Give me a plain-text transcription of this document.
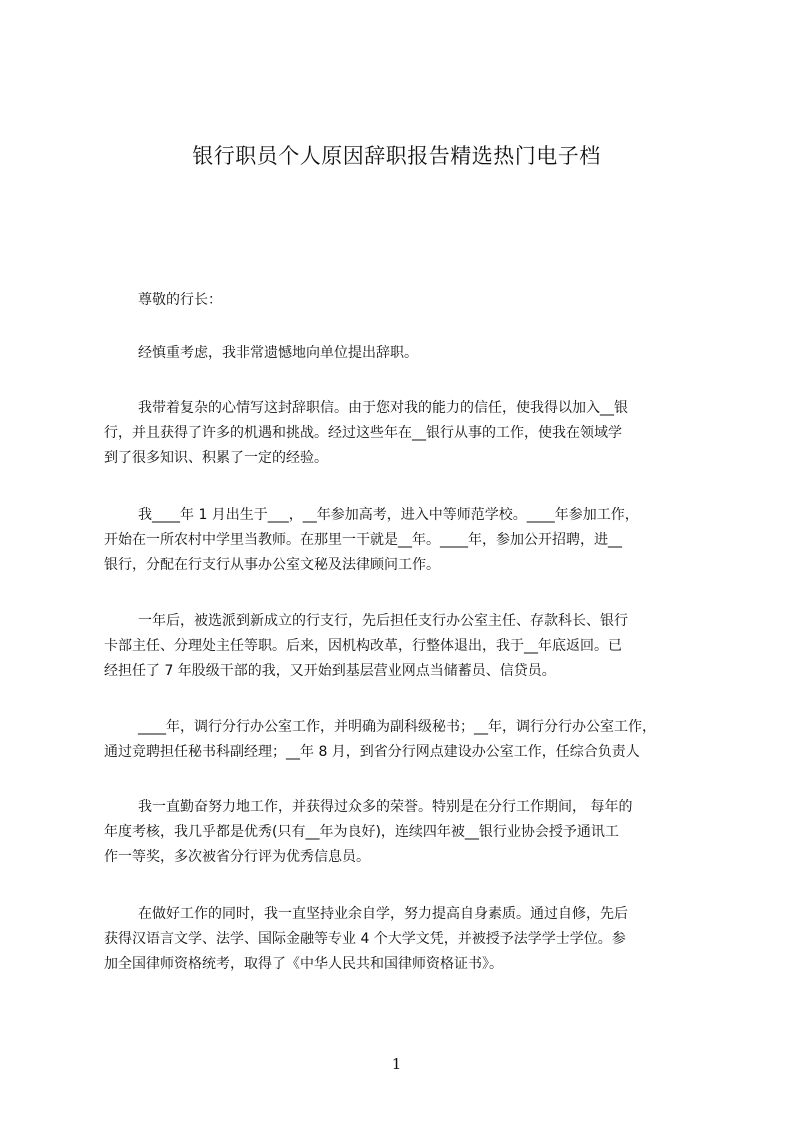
银行职员个人原因辞职报告精选热门电子档
尊敬的行长：
经慎重考虑，我非常遗憾地向单位提出辞职。
我带着复杂的心情写这封辞职信。由于您对我的能力的信任，使我得以加入__银
行，并且获得了许多的机遇和挑战。经过这些年在__银行从事的工作，使我在领域学
到了很多知识、积累了一定的经验。
我____年 1 月出生于___，__年参加高考，进入中等师范学校。____年参加工作，
开始在一所农村中学里当教师。在那里一干就是__年。____年，参加公开招聘，进__
银行，分配在行支行从事办公室文秘及法律顾问工作。
一年后，被选派到新成立的行支行，先后担任支行办公室主任、存款科长、银行
卡部主任、分理处主任等职。后来，因机构改革，行整体退出，我于__年底返回。已
经担任了 7 年股级干部的我，又开始到基层营业网点当储蓄员、信贷员。
____年，调行分行办公室工作，并明确为副科级秘书；__年，调行分行办公室工作，
通过竞聘担任秘书科副经理；__年 8 月，到省分行网点建设办公室工作，任综合负责人
我一直勤奋努力地工作，并获得过众多的荣誉。特别是在分行工作期间， 每年的
年度考核，我几乎都是优秀(只有__年为良好)，连续四年被__银行业协会授予通讯工
作一等奖，多次被省分行评为优秀信息员。
在做好工作的同时，我一直坚持业余自学，努力提高自身素质。通过自修，先后
获得汉语言文学、法学、国际金融等专业 4 个大学文凭，并被授予法学学士学位。参
加全国律师资格统考，取得了《中华人民共和国律师资格证书》。
1
